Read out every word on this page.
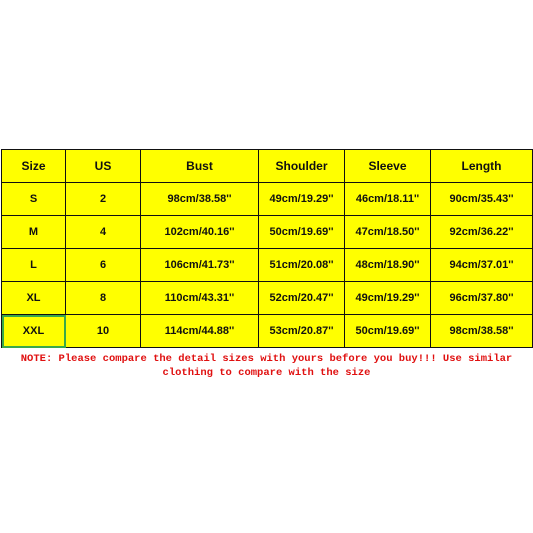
Size	US	Bust	Shoulder	Sleeve	Length
S	2	98cm/38.58''	49cm/19.29''	46cm/18.11''	90cm/35.43''
M	4	102cm/40.16''	50cm/19.69''	47cm/18.50''	92cm/36.22''
L	6	106cm/41.73''	51cm/20.08''	48cm/18.90''	94cm/37.01''
XL	8	110cm/43.31''	52cm/20.47''	49cm/19.29''	96cm/37.80''
XXL	10	114cm/44.88''	53cm/20.87''	50cm/19.69''	98cm/38.58''
NOTE: Please compare the detail sizes with yours before you buy!!! Use similar
clothing to compare with the size
